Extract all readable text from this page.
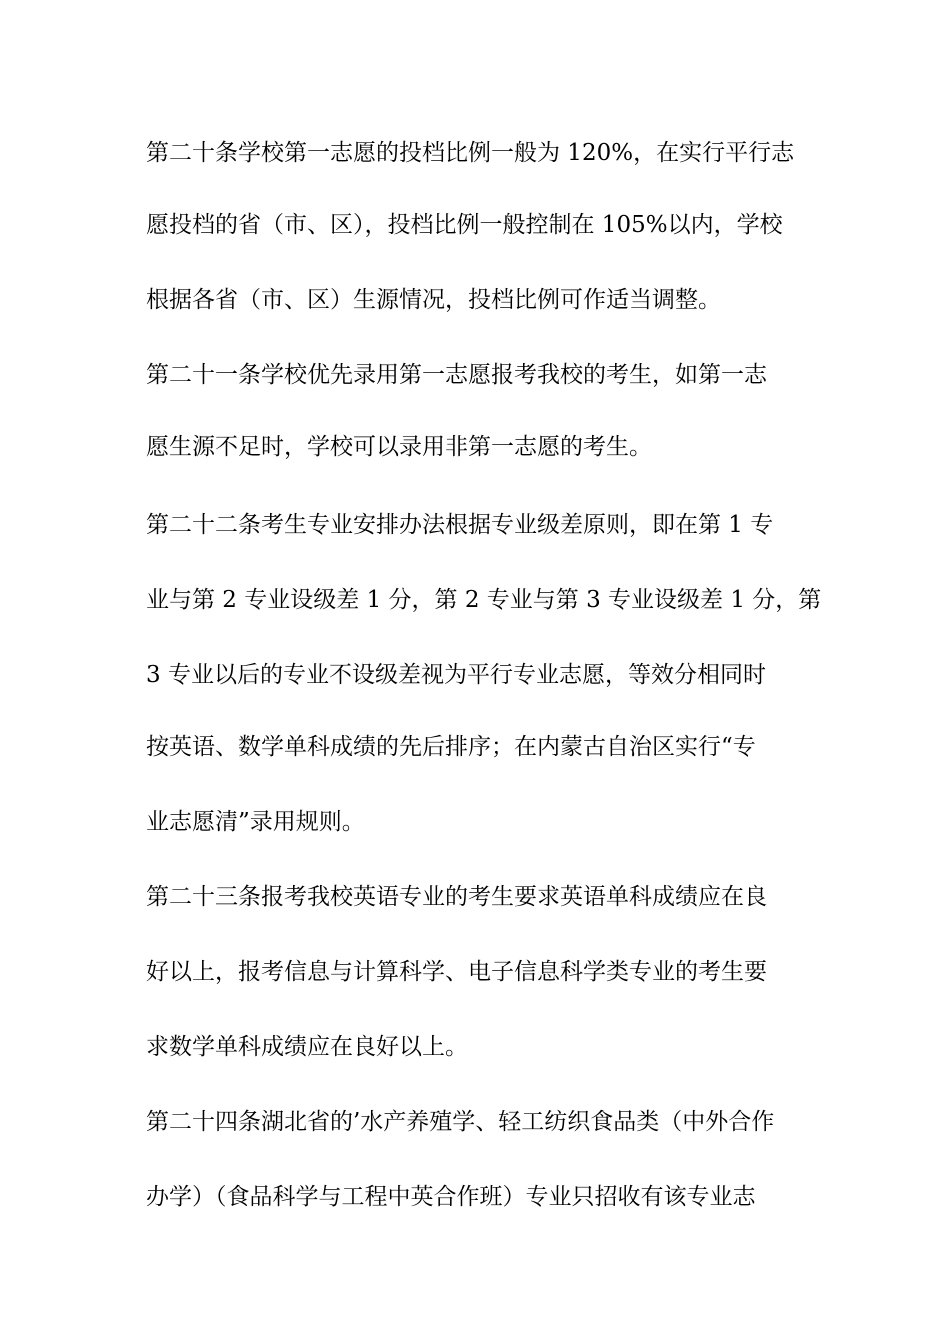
第二十条学校第一志愿的投档比例一般为 120%，在实行平行志
愿投档的省（市、区），投档比例一般控制在 105%以内，学校
根据各省（市、区）生源情况，投档比例可作适当调整。
第二十一条学校优先录用第一志愿报考我校的考生，如第一志
愿生源不足时，学校可以录用非第一志愿的考生。
第二十二条考生专业安排办法根据专业级差原则，即在第 1 专
业与第 2 专业设级差 1 分，第 2 专业与第 3 专业设级差 1 分，第
3 专业以后的专业不设级差视为平行专业志愿，等效分相同时
按英语、数学单科成绩的先后排序；在内蒙古自治区实行“专
业志愿清”录用规则。
第二十三条报考我校英语专业的考生要求英语单科成绩应在良
好以上，报考信息与计算科学、电子信息科学类专业的考生要
求数学单科成绩应在良好以上。
第二十四条湖北省的’水产养殖学、轻工纺织食品类（中外合作
办学）（食品科学与工程中英合作班）专业只招收有该专业志
